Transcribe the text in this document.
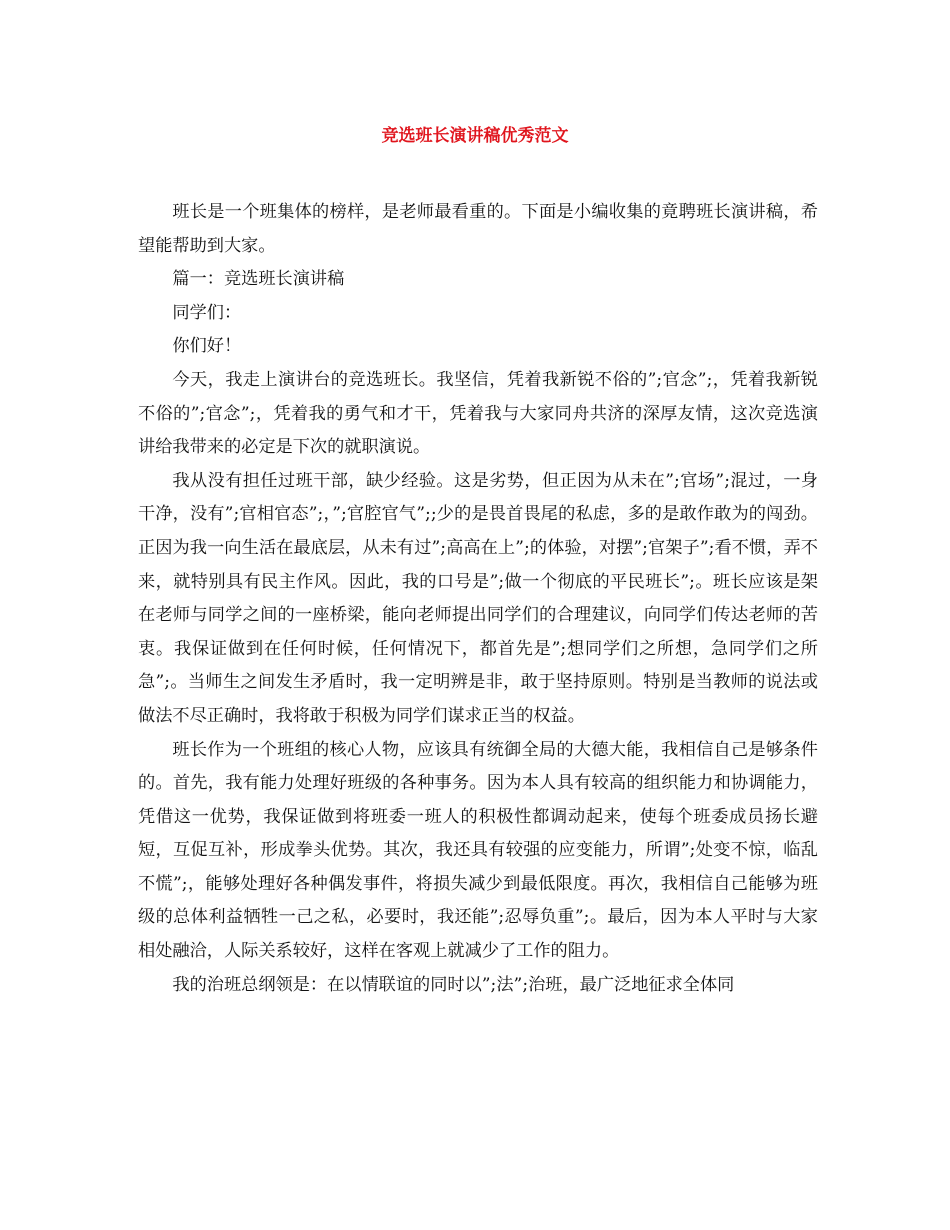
竞选班长演讲稿优秀范文

班长是一个班集体的榜样，是老师最看重的。下面是小编收集的竟聘班长演讲稿，希望能帮助到大家。

篇一：竞选班长演讲稿

同学们：

你们好！

今天，我走上演讲台的竞选班长。我坚信，凭着我新锐不俗的”;官念”;，凭着我新锐不俗的”;官念”;，凭着我的勇气和才干，凭着我与大家同舟共济的深厚友情，这次竞选演讲给我带来的必定是下次的就职演说。

我从没有担任过班干部，缺少经验。这是劣势，但正因为从未在”;官场”;混过，一身干净，没有”;官相官态”;，”;官腔官气”;;少的是畏首畏尾的私虑，多的是敢作敢为的闯劲。正因为我一向生活在最底层，从未有过”;高高在上”;的体验，对摆”;官架子”;看不惯，弄不来，就特别具有民主作风。因此，我的口号是”;做一个彻底的平民班长”;。班长应该是架在老师与同学之间的一座桥梁，能向老师提出同学们的合理建议，向同学们传达老师的苦衷。我保证做到在任何时候，任何情况下，都首先是”;想同学们之所想，急同学们之所急”;。当师生之间发生矛盾时，我一定明辨是非，敢于坚持原则。特别是当教师的说法或做法不尽正确时，我将敢于积极为同学们谋求正当的权益。

班长作为一个班组的核心人物，应该具有统御全局的大德大能，我相信自己是够条件的。首先，我有能力处理好班级的各种事务。因为本人具有较高的组织能力和协调能力，凭借这一优势，我保证做到将班委一班人的积极性都调动起来，使每个班委成员扬长避短，互促互补，形成拳头优势。其次，我还具有较强的应变能力，所谓”;处变不惊，临乱不慌”;，能够处理好各种偶发事件，将损失减少到最低限度。再次，我相信自己能够为班级的总体利益牺牲一己之私，必要时，我还能”;忍辱负重”;。最后，因为本人平时与大家相处融洽，人际关系较好，这样在客观上就减少了工作的阻力。

我的治班总纲领是：在以情联谊的同时以”;法”;治班，最广泛地征求全体同
